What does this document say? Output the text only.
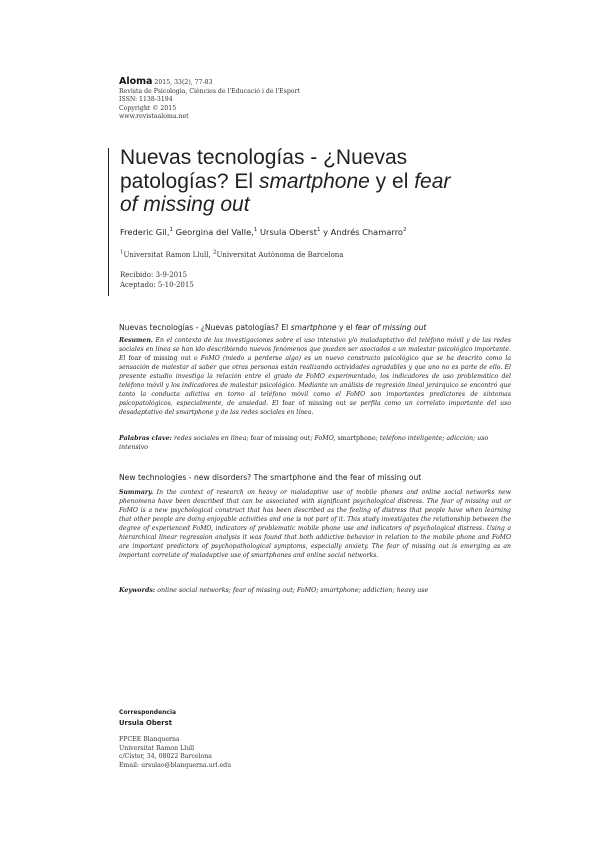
Aloma 2015, 33(2), 77-83
Revista de Psicologia, Ciències de l'Educació i de l'Esport
ISSN: 1138-3194
Copyright © 2015
www.revistaaloma.net
Nuevas tecnologías - ¿Nuevas
patologías? El smartphone y el fear
of missing out
Frederic Gil,$^1$ Georgina del Valle,$^1$ Ursula Oberst$^1$ y Andrés Chamarro$^2$
$^1$Universitat Ramon Llull, $^2$Universitat Autònoma de Barcelona
Recibido: 3-9-2015
Aceptado: 5-10-2015
Nuevas tecnologías - ¿Nuevas patologías? El smartphone y el fear of missing out
Resumen. En el contexto de las investigaciones sobre el uso intensivo y/o maladaptativo del teléfono móvil y de las redes sociales en línea se han ido describiendo nuevos fenómenos que pueden ser asociados a un malestar psicológico importante. El fear of missing out o FoMO (miedo a perderse algo) es un nuevo constructo psicológico que se ha descrito como la sensación de malestar al saber que otras personas están realizando actividades agradables y que uno no es parte de ello. El presente estudio investiga la relación entre el grado de FoMO experimentado, los indicadores de uso problemático del teléfono móvil y los indicadores de malestar psicológico. Mediante un análisis de regresión lineal jerárquico se encontró que tanto la conducta adictiva en torno al teléfono móvil como el FoMO son importantes predictores de síntomas psicopatológicos, especialmente, de ansiedad. El fear of missing out se perfila como un correlato importante del uso desadaptativo del smartphone y de las redes sociales en línea.
Palabras clave: redes sociales en línea; fear of missing out; FoMO, smartphone; teléfono inteligente; adicción; uso intensivo
New technologies - new disorders? The smartphone and the fear of missing out
Summary. In the context of research on heavy or maladaptive use of mobile phones and online social networks new phenomena have been described that can be associated with significant psychological distress. The fear of missing out or FoMO is a new psychological construct that has been described as the feeling of distress that people have when learning that other people are doing enjoyable activities and one is not part of it. This study investigates the relationship between the degree of experienced FoMO, indicators of problematic mobile phone use and indicators of psychological distress. Using a hierarchical linear regression analysis it was found that both addictive behavior in relation to the mobile phone and FoMO are important predictors of psychopathological symptoms, especially anxiety. The fear of missing out is emerging as an important correlate of maladaptive use of smartphones and online social networks.
Keywords: online social networks; fear of missing out; FoMO; smartphone; addiction; heavy use
Correspondencia
Ursula Oberst
FPCEE Blanquerna
Universitat Ramon Llull
c/Císter, 34, 08022 Barcelona
Email: ursulao@blanquerna.url.edu
